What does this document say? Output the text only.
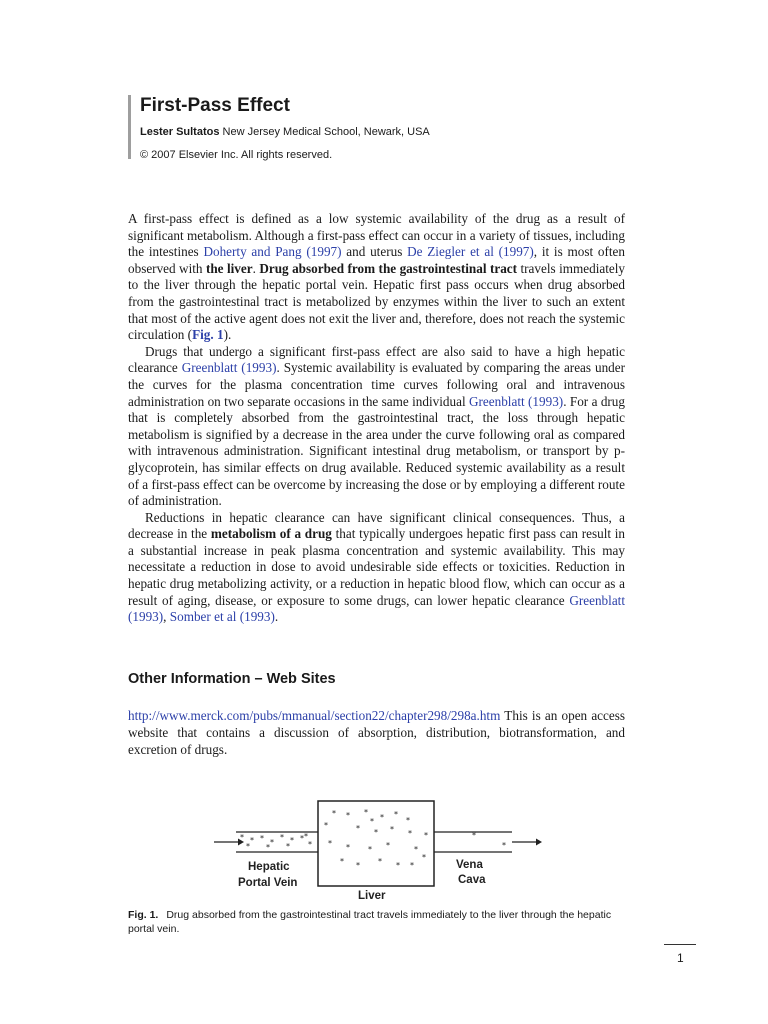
First-Pass Effect
Lester Sultatos New Jersey Medical School, Newark, USA
© 2007 Elsevier Inc. All rights reserved.

A first-pass effect is defined as a low systemic availability of the drug as a result of significant metabolism. Although a first-pass effect can occur in a variety of tissues, including the intestines Doherty and Pang (1997) and uterus De Ziegler et al (1997), it is most often observed with the liver. Drug absorbed from the gastrointestinal tract travels immediately to the liver through the hepatic portal vein. Hepatic first pass occurs when drug absorbed from the gastrointestinal tract is metabolized by enzymes within the liver to such an extent that most of the active agent does not exit the liver and, therefore, does not reach the systemic circulation (Fig. 1).

Drugs that undergo a significant first-pass effect are also said to have a high hepatic clearance Greenblatt (1993). Systemic availability is evaluated by comparing the areas under the curves for the plasma concentration time curves following oral and intravenous administration on two separate occasions in the same individual Greenblatt (1993). For a drug that is completely absorbed from the gastrointestinal tract, the loss through hepatic metabolism is signified by a decrease in the area under the curve following oral as compared with intravenous administration. Significant intestinal drug metabolism, or transport by p-glycoprotein, has similar effects on drug available. Reduced systemic availability as a result of a first-pass effect can be overcome by increasing the dose or by employing a different route of administration.

Reductions in hepatic clearance can have significant clinical consequences. Thus, a decrease in the metabolism of a drug that typically undergoes hepatic first pass can result in a substantial increase in peak plasma concentration and systemic availability. This may necessitate a reduction in dose to avoid undesirable side effects or toxicities. Reduction in hepatic drug metabolizing activity, or a reduction in hepatic blood flow, which can occur as a result of aging, disease, or exposure to some drugs, can lower hepatic clearance Greenblatt (1993), Somber et al (1993).

Other Information – Web Sites

http://www.merck.com/pubs/mmanual/section22/chapter298/298a.htm This is an open access website that contains a discussion of absorption, distribution, biotransformation, and excretion of drugs.

* * * *
* * *
*
* * *
*
* * *
* *
*
*	* * * * *
* * * *	*
* * * * *
*
*
*
*
Hepatic
Portal Vein
Liver
Vena
Cava
Fig. 1. Drug absorbed from the gastrointestinal tract travels immediately to the liver through the hepatic portal vein.
1
